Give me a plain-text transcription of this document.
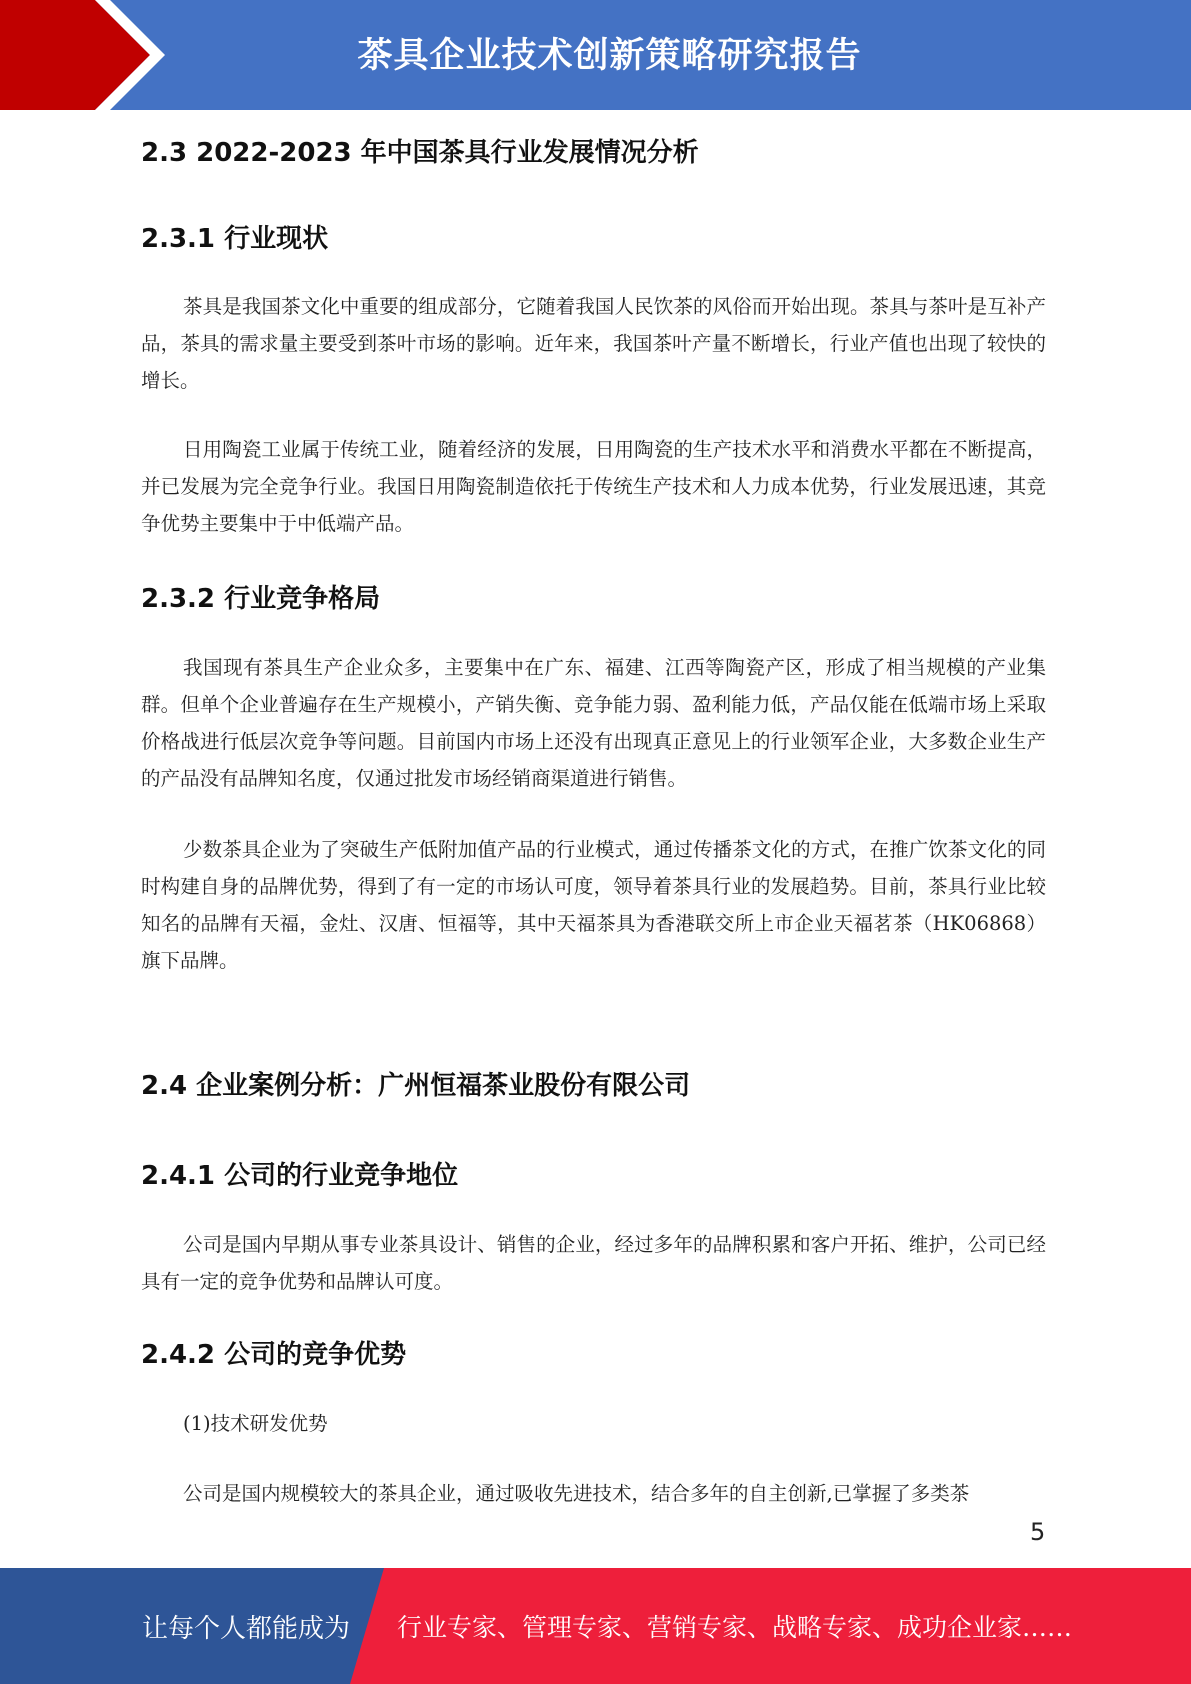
茶具企业技术创新策略研究报告
2.3 2022-2023 年中国茶具行业发展情况分析
2.3.1 行业现状

茶具是我国茶文化中重要的组成部分，它随着我国人民饮茶的风俗而开始出现。茶具与茶叶是互补产品，茶具的需求量主要受到茶叶市场的影响。近年来，我国茶叶产量不断增长，行业产值也出现了较快的增长。

日用陶瓷工业属于传统工业，随着经济的发展，日用陶瓷的生产技术水平和消费水平都在不断提高，并已发展为完全竞争行业。我国日用陶瓷制造依托于传统生产技术和人力成本优势，行业发展迅速，其竞争优势主要集中于中低端产品。

2.3.2 行业竞争格局

我国现有茶具生产企业众多，主要集中在广东、福建、江西等陶瓷产区，形成了相当规模的产业集群。但单个企业普遍存在生产规模小，产销失衡、竞争能力弱、盈利能力低，产品仅能在低端市场上采取价格战进行低层次竞争等问题。目前国内市场上还没有出现真正意见上的行业领军企业，大多数企业生产的产品没有品牌知名度，仅通过批发市场经销商渠道进行销售。

少数茶具企业为了突破生产低附加值产品的行业模式，通过传播茶文化的方式，在推广饮茶文化的同时构建自身的品牌优势，得到了有一定的市场认可度，领导着茶具行业的发展趋势。目前，茶具行业比较知名的品牌有天福，金灶、汉唐、恒福等，其中天福茶具为香港联交所上市企业天福茗茶（HK06868）旗下品牌。

2.4 企业案例分析：广州恒福茶业股份有限公司
2.4.1 公司的行业竞争地位

公司是国内早期从事专业茶具设计、销售的企业，经过多年的品牌积累和客户开拓、维护，公司已经具有一定的竞争优势和品牌认可度。

2.4.2 公司的竞争优势

(1)技术研发优势

公司是国内规模较大的茶具企业，通过吸收先进技术，结合多年的自主创新,已掌握了多类茶

5
让每个人都能成为 行业专家、管理专家、营销专家、战略专家、成功企业家……
